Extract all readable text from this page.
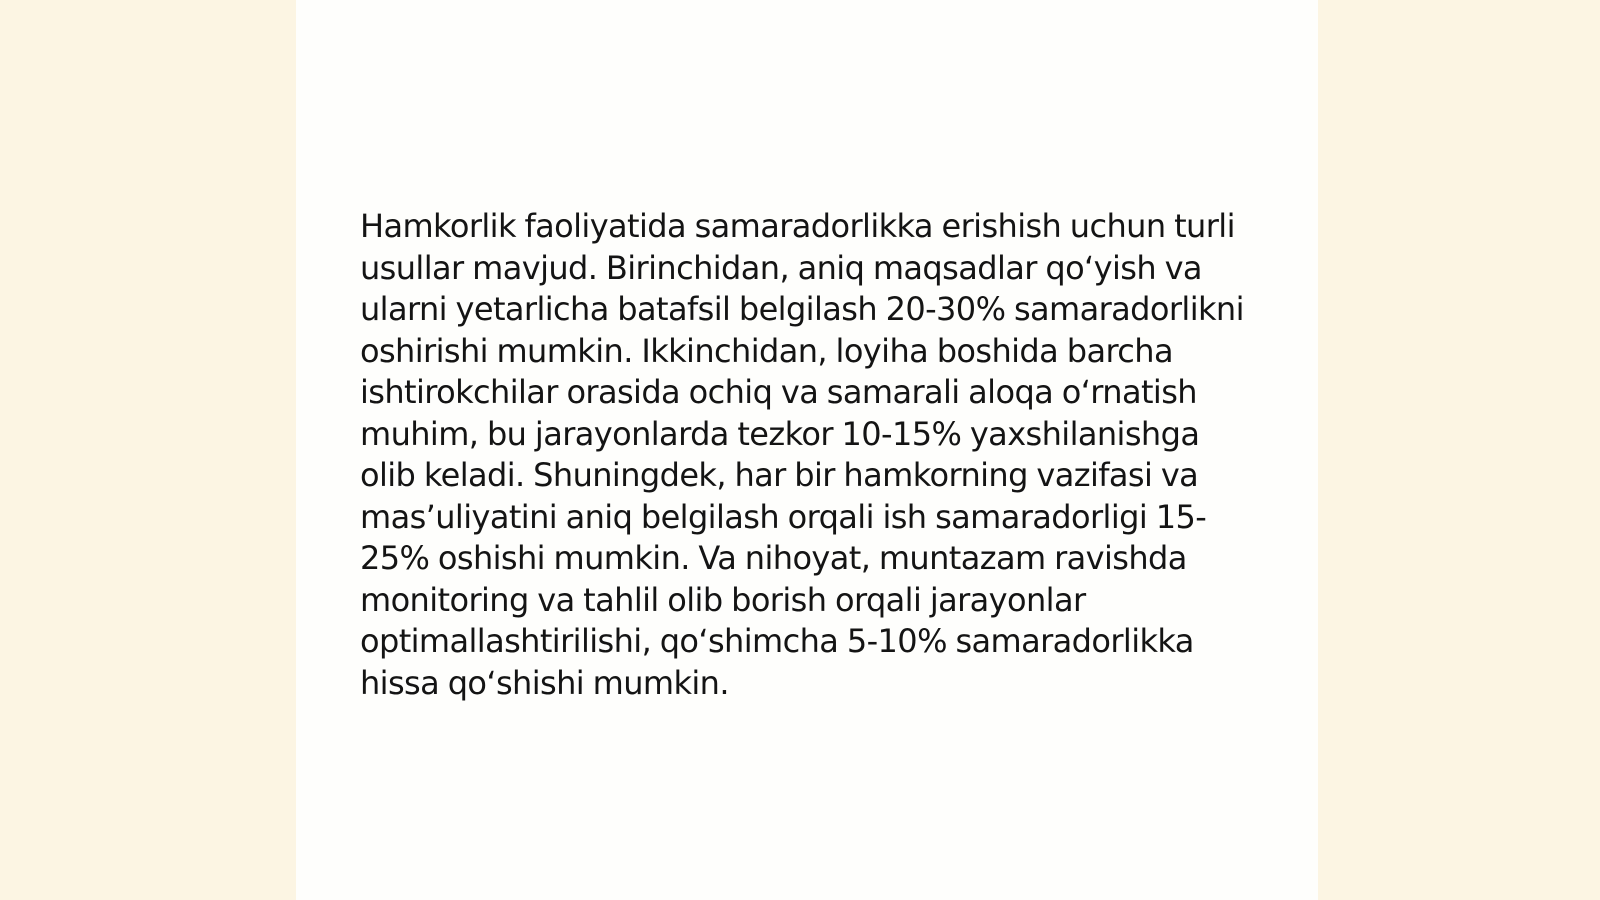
Hamkorlik faoliyatida samaradorlikka erishish uchun turli usullar mavjud. Birinchidan, aniq maqsadlar qo‘yish va ularni yetarlicha batafsil belgilash 20-30% samaradorlikni oshirishi mumkin. Ikkinchidan, loyiha boshida barcha ishtirokchilar orasida ochiq va samarali aloqa o‘rnatish muhim, bu jarayonlarda tezkor 10-15% yaxshilanishga olib keladi. Shuningdek, har bir hamkorning vazifasi va mas’uliyatini aniq belgilash orqali ish samaradorligi 15-25% oshishi mumkin. Va nihoyat, muntazam ravishda monitoring va tahlil olib borish orqali jarayonlar optimallashtirilishi, qo‘shimcha 5-10% samaradorlikka hissa qo‘shishi mumkin.
